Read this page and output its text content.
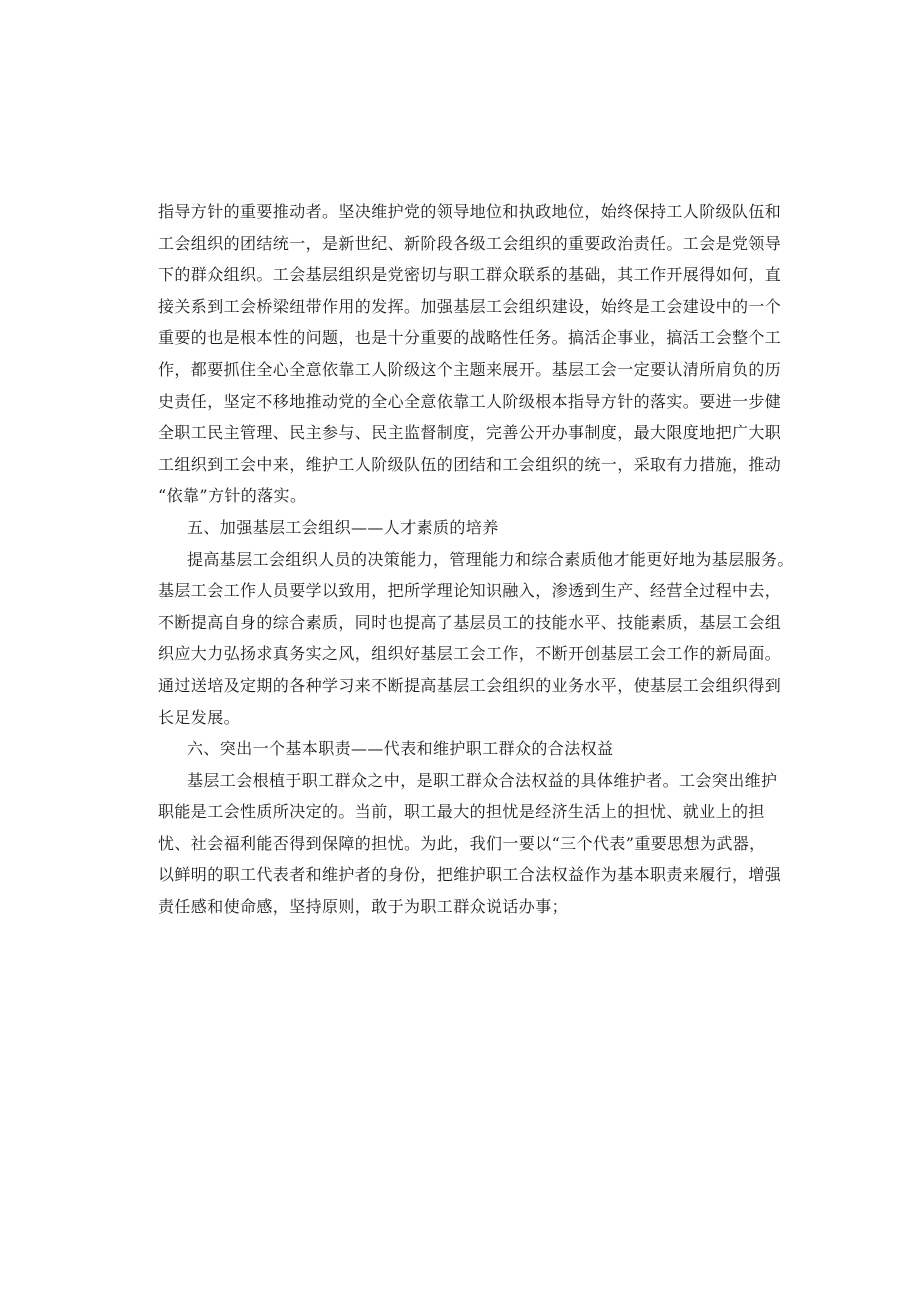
指导方针的重要推动者。坚决维护党的领导地位和执政地位，始终保持工人阶级队伍和
工会组织的团结统一，是新世纪、新阶段各级工会组织的重要政治责任。工会是党领导
下的群众组织。工会基层组织是党密切与职工群众联系的基础，其工作开展得如何，直
接关系到工会桥梁纽带作用的发挥。加强基层工会组织建设，始终是工会建设中的一个
重要的也是根本性的问题，也是十分重要的战略性任务。搞活企事业，搞活工会整个工
作，都要抓住全心全意依靠工人阶级这个主题来展开。基层工会一定要认清所肩负的历
史责任，坚定不移地推动党的全心全意依靠工人阶级根本指导方针的落实。要进一步健
全职工民主管理、民主参与、民主监督制度，完善公开办事制度，最大限度地把广大职
工组织到工会中来，维护工人阶级队伍的团结和工会组织的统一，采取有力措施，推动
“依靠”方针的落实。
五、加强基层工会组织——人才素质的培养
提高基层工会组织人员的决策能力，管理能力和综合素质他才能更好地为基层服务。
基层工会工作人员要学以致用，把所学理论知识融入，渗透到生产、经营全过程中去，
不断提高自身的综合素质，同时也提高了基层员工的技能水平、技能素质，基层工会组
织应大力弘扬求真务实之风，组织好基层工会工作，不断开创基层工会工作的新局面。
通过送培及定期的各种学习来不断提高基层工会组织的业务水平，使基层工会组织得到
长足发展。
六、突出一个基本职责——代表和维护职工群众的合法权益
基层工会根植于职工群众之中，是职工群众合法权益的具体维护者。工会突出维护
职能是工会性质所决定的。当前，职工最大的担忧是经济生活上的担忧、就业上的担
忧、社会福利能否得到保障的担忧。为此，我们一要以“三个代表”重要思想为武器，
以鲜明的职工代表者和维护者的身份，把维护职工合法权益作为基本职责来履行，增强
责任感和使命感，坚持原则，敢于为职工群众说话办事；
